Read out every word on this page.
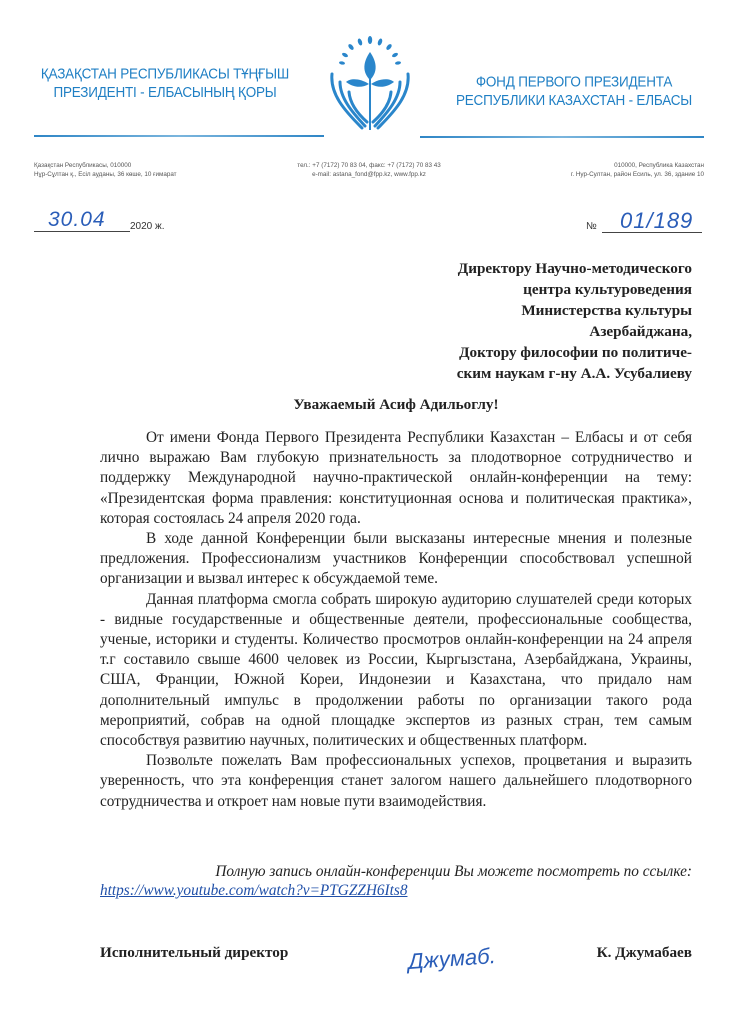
ҚАЗАҚСТАН РЕСПУБЛИКАСЫ ТҰҢҒЫШ
ПРЕЗИДЕНТІ - ЕЛБАСЫНЫҢ ҚОРЫ
ФОНД ПЕРВОГО ПРЕЗИДЕНТА
РЕСПУБЛИКИ КАЗАХСТАН - ЕЛБАСЫ
Қазақстан Республикасы, 010000
Нұр-Сұлтан қ., Есіл ауданы, 36 көше, 10 ғимарат
тел.: +7 (7172) 70 83 04, факс: +7 (7172) 70 83 43
e-mail: astana_fond@fpp.kz, www.fpp.kz
010000, Республика Казахстан
г. Нур-Султан, район Есиль, ул. 36, здание 10
30.04 2020 ж.	№ 01/189
Директору Научно-методического
центра культуроведения
Министерства культуры
Азербайджана,
Доктору философии по политиче-
ским наукам г-ну А.А. Усубалиеву
Уважаемый Асиф Адильоглу!

От имени Фонда Первого Президента Республики Казахстан – Елбасы и от себя лично выражаю Вам глубокую признательность за плодотворное сотрудничество и поддержку Международной научно-практической онлайн-конференции на тему: «Президентская форма правления: конституционная основа и политическая практика», которая состоялась 24 апреля 2020 года.

В ходе данной Конференции были высказаны интересные мнения и полезные предложения. Профессионализм участников Конференции способствовал успешной организации и вызвал интерес к обсуждаемой теме.

Данная платформа смогла собрать широкую аудиторию слушателей среди которых - видные государственные и общественные деятели, профессиональные сообщества, ученые, историки и студенты. Количество просмотров онлайн-конференции на 24 апреля т.г составило свыше 4600 человек из России, Кыргызстана, Азербайджана, Украины, США, Франции, Южной Кореи, Индонезии и Казахстана, что придало нам дополнительный импульс в продолжении работы по организации такого рода мероприятий, собрав на одной площадке экспертов из разных стран, тем самым способствуя развитию научных, политических и общественных платформ.

Позвольте пожелать Вам профессиональных успехов, процветания и выразить уверенность, что эта конференция станет залогом нашего дальнейшего плодотворного сотрудничества и откроет нам новые пути взаимодействия.

Полную запись онлайн-конференции Вы можете посмотреть по ссылке:
https://www.youtube.com/watch?v=PTGZZH6Its8
Исполнительный директор	Джумаб.	К. Джумабаев
